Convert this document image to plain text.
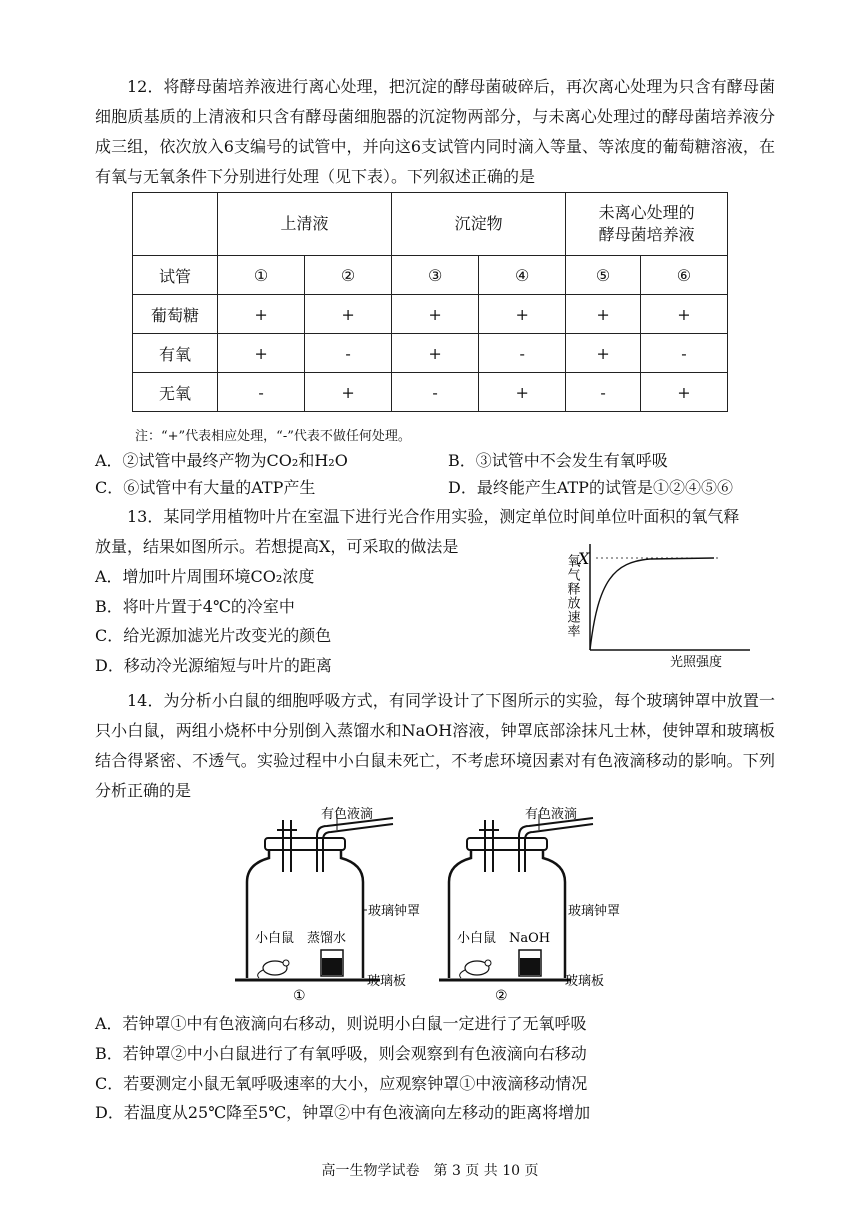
12．将酵母菌培养液进行离心处理，把沉淀的酵母菌破碎后，再次离心处理为只含有酵母菌细胞质基质的上清液和只含有酵母菌细胞器的沉淀物两部分，与未离心处理过的酵母菌培养液分成三组，依次放入6支编号的试管中，并向这6支试管内同时滴入等量、等浓度的葡萄糖溶液，在有氧与无氧条件下分别进行处理（见下表）。下列叙述正确的是
	上清液		沉淀物		未离心处理的
酵母菌培养液	
试管	①	②	③	④	⑤	⑥
葡萄糖	+	+	+	+	+	+
有氧	+	-	+	-	+	-
无氧	-	+	-	+	-	+
注：“+”代表相应处理，“-”代表不做任何处理。
A．②试管中最终产物为CO₂和H₂O	B．③试管中不会发生有氧呼吸
C．⑥试管中有大量的ATP产生	D．最终能产生ATP的试管是①②④⑤⑥
13．某同学用植物叶片在室温下进行光合作用实验，测定单位时间单位叶面积的氧气释
放量，结果如图所示。若想提高X，可采取的做法是
A．增加叶片周围环境CO₂浓度
B．将叶片置于4℃的冷室中
C．给光源加滤光片改变光的颜色
D．移动冷光源缩短与叶片的距离
X
氧气释放速率
光照强度
14．为分析小白鼠的细胞呼吸方式，有同学设计了下图所示的实验，每个玻璃钟罩中放置一只小白鼠，两组小烧杯中分别倒入蒸馏水和NaOH溶液，钟罩底部涂抹凡士林，使钟罩和玻璃板结合得紧密、不透气。实验过程中小白鼠未死亡，不考虑环境因素对有色液滴移动的影响。下列分析正确的是
有色液滴
玻璃钟罩
小白鼠 蒸馏水
玻璃板
①
有色液滴
玻璃钟罩
小白鼠 NaOH
玻璃板
②
A．若钟罩①中有色液滴向右移动，则说明小白鼠一定进行了无氧呼吸
B．若钟罩②中小白鼠进行了有氧呼吸，则会观察到有色液滴向右移动
C．若要测定小鼠无氧呼吸速率的大小，应观察钟罩①中液滴移动情况
D．若温度从25℃降至5℃，钟罩②中有色液滴向左移动的距离将增加
高一生物学试卷　第 3 页 共 10 页
